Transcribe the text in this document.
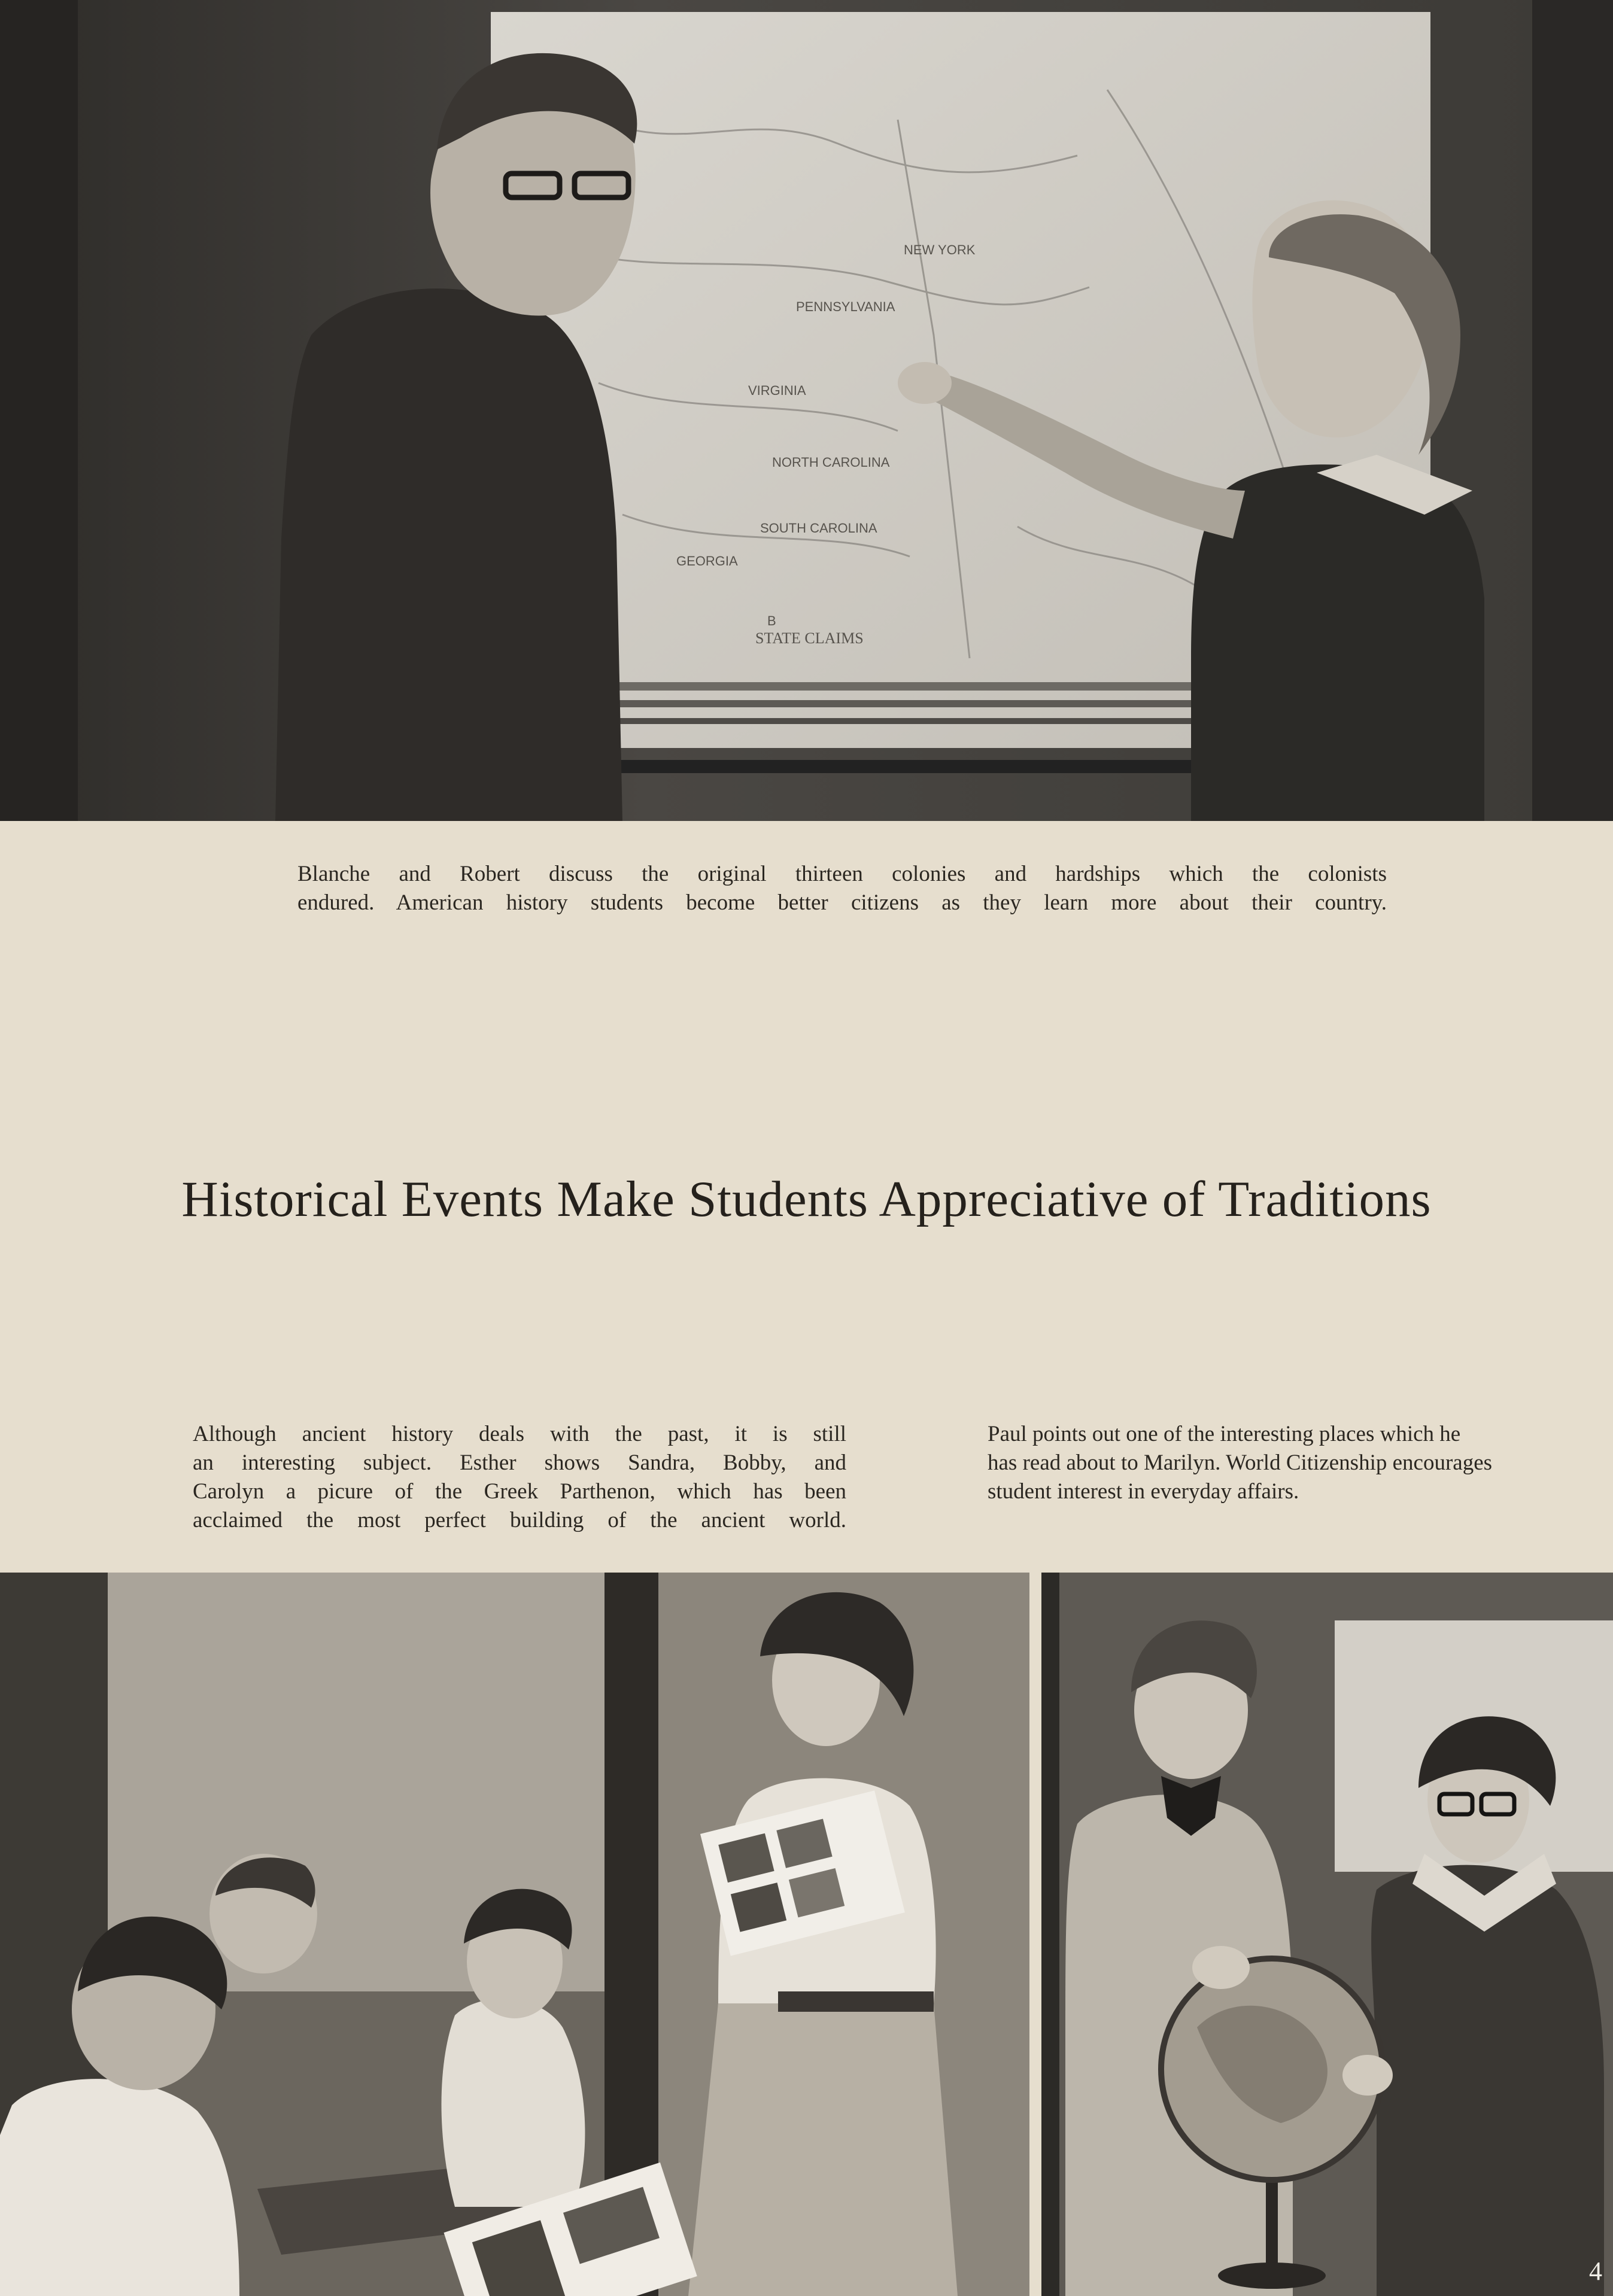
NEW YORK
PENNSYLVANIA
VIRGINIA
NORTH CAROLINA
SOUTH CAROLINA
GEORGIA
B
STATE CLAIMS

Blanche and Robert discuss the original thirteen colonies and hardships which the colonists
endured. American history students become better citizens as they learn more about their country.

Historical Events Make Students Appreciative of Traditions

Although ancient history deals with the past, it is still
an interesting subject. Esther shows Sandra, Bobby, and
Carolyn a picure of the Greek Parthenon, which has been
acclaimed the most perfect building of the ancient world.

Paul points out one of the interesting places which he
has read about to Marilyn. World Citizenship encourages
student interest in everyday affairs.

4
